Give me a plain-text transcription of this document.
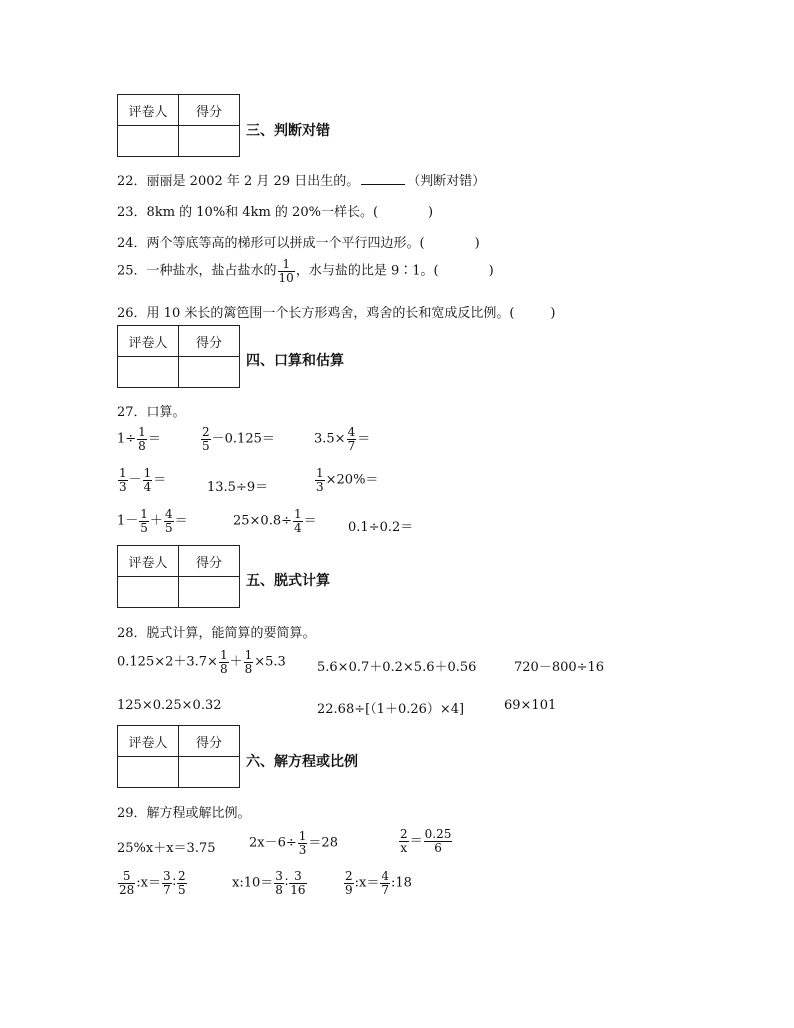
评卷人	得分

三、判断对错
22．丽丽是 2002 年 2 月 29 日出生的。	（判断对错）
23．8km 的 10%和 4km 的 20%一样长。(	)
24．两个等底等高的梯形可以拼成一个平行四边形。(	)
25．一种盐水，盐占盐水的 $\frac{1}{10}$ ，水与盐的比是 9∶1。(	)
26．用 10 米长的篱笆围一个长方形鸡舍，鸡舍的长和宽成反比例。(	)
评卷人	得分

四、口算和估算
27．口算。
$1\div \frac{1}{8}$ ＝	$\frac{2}{5} -0.125=$	$3.5\times \frac{4}{7}$ ＝
$\frac{1}{3} - \frac{1}{4}$ ＝	13.5÷9＝	$\frac{1}{3} \times 20\%=$
$1- \frac{1}{5} + \frac{4}{5}$ ＝	$25\times 0.8\div \frac{1}{4} = 0.1\div 0.2=$
评卷人	得分

五、脱式计算
28．脱式计算，能简算的要简算。
$0.125\times 2+3.7\times \frac{1}{8} + \frac{1}{8} \times 5.3$ 5.6×0.7＋0.2×5.6＋0.56	720－800÷16
125×0.25×0.32	22.68÷[（1＋0.26）×4]	69×101
评卷人	得分

六、解方程或比例
29．解方程或解比例。
25%x＋x＝3.75	$2x-6\div \frac{1}{3} =28$	$\frac{2}{x} = \frac{0.25}{6}$
$\frac{5}{28}$ :x＝ $\frac{3}{7}$ ∶ $\frac{2}{5}$	x:10＝ $\frac{3}{8}$ ∶ $\frac{3}{16}$	$\frac{2}{9}$ :x＝ $\frac{4}{7}$ :18
